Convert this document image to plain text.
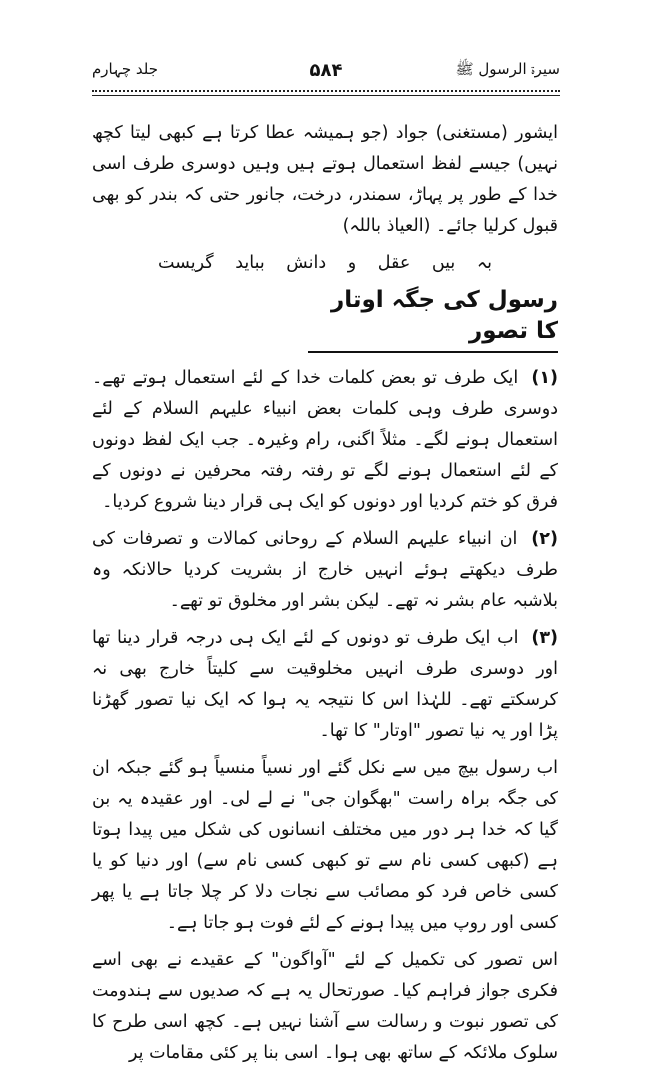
سیرۃ الرسول ﷺ
۵۸۴
جلد چہارم

ایشور (مستغنی) جواد (جو ہمیشہ عطا کرتا ہے کبھی لیتا کچھ نہیں) جیسے لفظ استعمال ہوتے ہیں وہیں دوسری طرف اسی خدا کے طور پر پہاڑ، سمندر، درخت، جانور حتی کہ بندر کو بھی قبول کرلیا جائے۔ (العیاذ باللہ)

بہ بیں عقل و دانش بباید گریست

رسول کی جگہ اوتار کا تصور

(۱) ایک طرف تو بعض کلمات خدا کے لئے استعمال ہوتے تھے۔ دوسری طرف وہی کلمات بعض انبیاء علیہم السلام کے لئے استعمال ہونے لگے۔ مثلاً اگنی، رام وغیرہ۔ جب ایک لفظ دونوں کے لئے استعمال ہونے لگے تو رفتہ رفتہ محرفین نے دونوں کے فرق کو ختم کردیا اور دونوں کو ایک ہی قرار دینا شروع کردیا۔

(۲) ان انبیاء علیہم السلام کے روحانی کمالات و تصرفات کی طرف دیکھتے ہوئے انہیں خارج از بشریت کردیا حالانکہ وہ بلاشبہ عام بشر نہ تھے۔ لیکن بشر اور مخلوق تو تھے۔

(۳) اب ایک طرف تو دونوں کے لئے ایک ہی درجہ قرار دینا تھا اور دوسری طرف انہیں مخلوقیت سے کلیتاً خارج بھی نہ کرسکتے تھے۔ للہٰذا اس کا نتیجہ یہ ہوا کہ ایک نیا تصور گھڑنا پڑا اور یہ نیا تصور "اوتار" کا تھا۔

اب رسول بیچ میں سے نکل گئے اور نسیاً منسیاً ہو گئے جبکہ ان کی جگہ براہ راست "بھگوان جی" نے لے لی۔ اور عقیدہ یہ بن گیا کہ خدا ہر دور میں مختلف انسانوں کی شکل میں پیدا ہوتا ہے (کبھی کسی نام سے تو کبھی کسی نام سے) اور دنیا کو یا کسی خاص فرد کو مصائب سے نجات دلا کر چلا جاتا ہے یا پھر کسی اور روپ میں پیدا ہونے کے لئے فوت ہو جاتا ہے۔

اس تصور کی تکمیل کے لئے "آواگون" کے عقیدے نے بھی اسے فکری جواز فراہم کیا۔ صورتحال یہ ہے کہ صدیوں سے ہندومت کی تصور نبوت و رسالت سے آشنا نہیں ہے۔ کچھ اسی طرح کا سلوک ملائکہ کے ساتھ بھی ہوا۔ اسی بنا پر کئی مقامات پر
